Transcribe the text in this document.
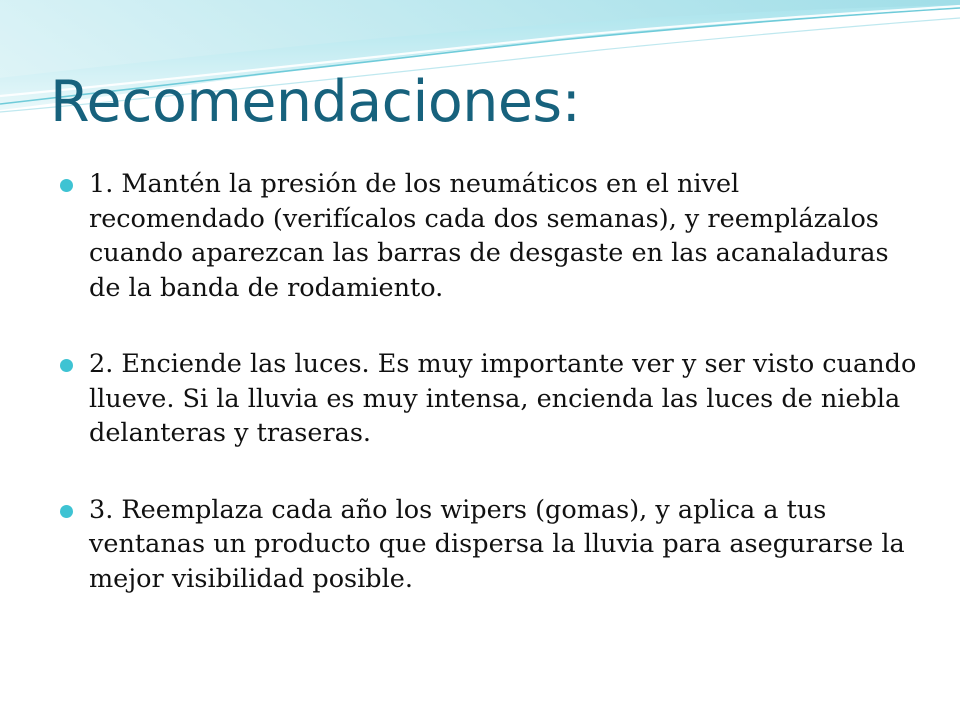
Recomendaciones:
1. Mantén la presión de los neumáticos en el nivel recomendado (verifícalos cada dos semanas), y reemplázalos cuando aparezcan las barras de desgaste en las acanaladuras de la banda de rodamiento.
2. Enciende las luces. Es muy importante ver y ser visto cuando llueve. Si la lluvia es muy intensa, encienda las luces de niebla delanteras y traseras.
3. Reemplaza cada año los wipers (gomas), y aplica a tus ventanas un producto que dispersa la lluvia para asegurarse la mejor visibilidad posible.
